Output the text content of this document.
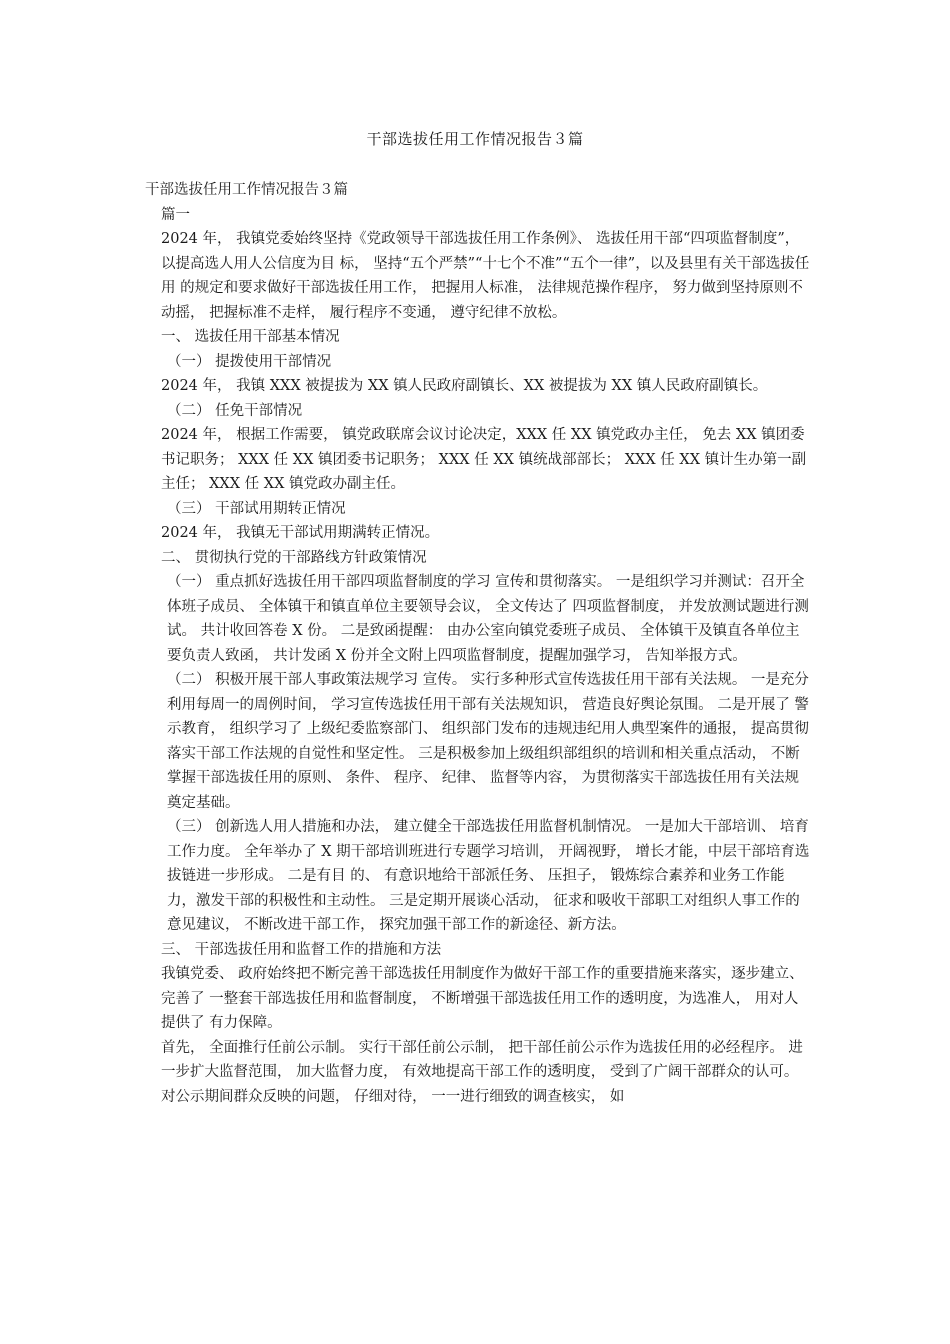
干部选拔任用工作情况报告３篇

干部选拔任用工作情况报告３篇

篇一

2024 年， 我镇党委始终坚持《党政领导干部选拔任用工作条例》、 选拔任用干部“四项监督制度”， 以提高选人用人公信度为目 标， 坚持“五个严禁”“十七个不准”“五个一律”，以及县里有关干部选拔任用 的规定和要求做好干部选拔任用工作， 把握用人标准， 法律规范操作程序， 努力做到坚持原则不动摇， 把握标准不走样， 履行程序不变通， 遵守纪律不放松。

一、 选拔任用干部基本情况

（一） 提拨使用干部情况

2024 年， 我镇 XXX 被提拔为 XX 镇人民政府副镇长、XX 被提拔为 XX 镇人民政府副镇长。

（二） 任免干部情况

2024 年， 根据工作需要， 镇党政联席会议讨论决定，XXX 任 XX 镇党政办主任， 免去 XX 镇团委书记职务； XXX 任 XX 镇团委书记职务； XXX 任 XX 镇统战部部长； XXX 任 XX 镇计生办第一副主任； XXX 任 XX 镇党政办副主任。

（三） 干部试用期转正情况

2024 年， 我镇无干部试用期满转正情况。

二、 贯彻执行党的干部路线方针政策情况

（一） 重点抓好选拔任用干部四项监督制度的学习 宣传和贯彻落实。 一是组织学习并测试：召开全体班子成员、 全体镇干和镇直单位主要领导会议， 全文传达了 四项监督制度， 并发放测试题进行测试。 共计收回答卷 X 份。 二是致函提醒： 由办公室向镇党委班子成员、 全体镇干及镇直各单位主要负责人致函， 共计发函 X 份并全文附上四项监督制度，提醒加强学习， 告知举报方式。

（二） 积极开展干部人事政策法规学习 宣传。 实行多种形式宣传选拔任用干部有关法规。 一是充分利用每周一的周例时间， 学习宣传选拔任用干部有关法规知识， 营造良好舆论氛围。 二是开展了 警示教育， 组织学习了 上级纪委监察部门、 组织部门发布的违规违纪用人典型案件的通报， 提高贯彻落实干部工作法规的自觉性和坚定性。 三是积极参加上级组织部组织的培训和相关重点活动， 不断掌握干部选拔任用的原则、 条件、 程序、 纪律、 监督等内容， 为贯彻落实干部选拔任用有关法规奠定基础。

（三） 创新选人用人措施和办法， 建立健全干部选拔任用监督机制情况。 一是加大干部培训、 培育工作力度。 全年举办了 X 期干部培训班进行专题学习培训， 开阔视野， 增长才能，中层干部培育选拔链进一步形成。 二是有目 的、 有意识地给干部派任务、 压担子， 锻炼综合素养和业务工作能力，激发干部的积极性和主动性。 三是定期开展谈心活动， 征求和吸收干部职工对组织人事工作的意见建议， 不断改进干部工作， 探究加强干部工作的新途径、新方法。

三、 干部选拔任用和监督工作的措施和方法

我镇党委、 政府始终把不断完善干部选拔任用制度作为做好干部工作的重要措施来落实，逐步建立、 完善了 一整套干部选拔任用和监督制度， 不断增强干部选拔任用工作的透明度，为选准人， 用对人提供了 有力保障。

首先， 全面推行任前公示制。 实行干部任前公示制， 把干部任前公示作为选拔任用的必经程序。 进一步扩大监督范围， 加大监督力度， 有效地提高干部工作的透明度， 受到了广阔干部群众的认可。 对公示期间群众反映的问题， 仔细对待， 一一进行细致的调查核实， 如
